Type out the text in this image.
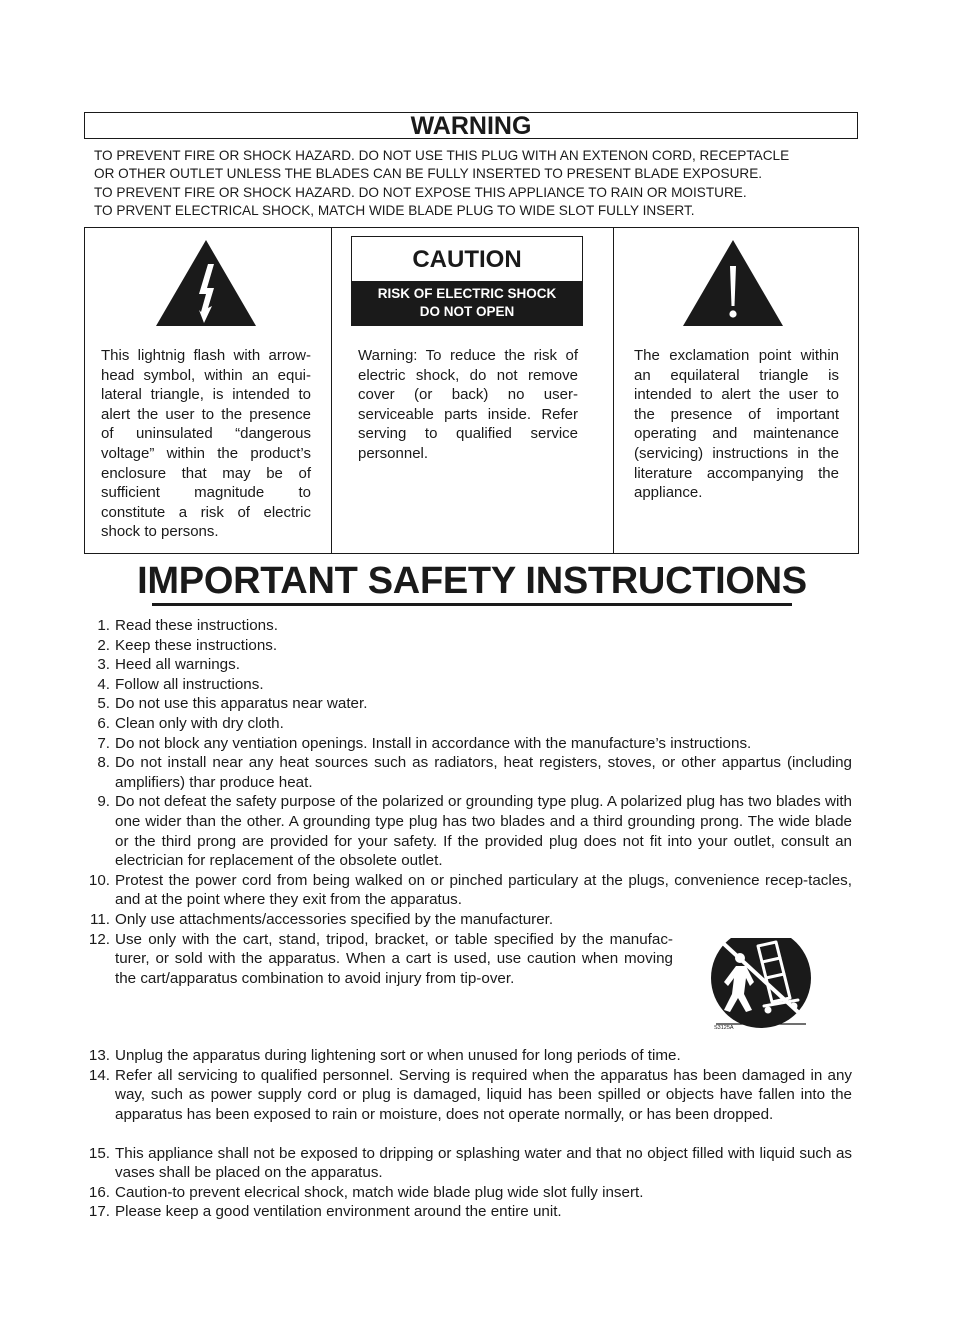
WARNING
TO PREVENT FIRE OR SHOCK HAZARD. DO NOT USE THIS PLUG WITH AN EXTENON CORD, RECEPTACLE
OR OTHER OUTLET UNLESS THE BLADES CAN BE FULLY INSERTED TO PRESENT BLADE EXPOSURE.
TO PREVENT FIRE OR SHOCK HAZARD. DO NOT EXPOSE THIS APPLIANCE TO RAIN OR MOISTURE.
TO PRVENT ELECTRICAL SHOCK, MATCH WIDE BLADE PLUG TO WIDE SLOT FULLY INSERT.
This lightnig flash with arrow-head symbol, within an equi-lateral triangle, is intended to alert the user to the presence of uninsulated “dangerous voltage” within the product’s enclosure that may be of sufficient magnitude to constitute a risk of electric shock to persons.
CAUTION
RISK OF ELECTRIC SHOCK
DO NOT OPEN
Warning: To reduce the risk of electric shock, do not remove cover (or back) no user-serviceable parts inside. Refer serving to qualified service personnel.
The exclamation point within an equilateral triangle is intended to alert the user to the presence of important operating and maintenance (servicing) instructions in the literature accompanying the appliance.
IMPORTANT SAFETY INSTRUCTIONS
1. Read these instructions.
2. Keep these instructions.
3. Heed all warnings.
4. Follow all instructions.
5. Do not use this apparatus near water.
6. Clean only with dry cloth.
7. Do not block any ventiation openings. Install in accordance with the manufacture’s instructions.
8. Do not install near any heat sources such as radiators, heat registers, stoves, or other appartus (including amplifiers) thar produce heat.
9. Do not defeat the safety purpose of the polarized or grounding type plug. A polarized plug has two blades with one wider than the other. A grounding type plug has two blades and a third grounding prong. The wide blade or the third prong are provided for your safety. If the provided plug does not fit into your outlet, consult an electrician for replacement of the obsolete outlet.
10. Protest the power cord from being walked on or pinched particulary at the plugs, convenience recep-tacles, and at the point where they exit from the apparatus.
11. Only use attachments/accessories specified by the manufacturer.
12. Use only with the cart, stand, tripod, bracket, or table specified by the manufac-turer, or sold with the apparatus. When a cart is used, use caution when moving the cart/apparatus combination to avoid injury from tip-over.
13. Unplug the apparatus during lightening sort or when unused for long periods of time.
14. Refer all servicing to qualified personnel. Serving is required when the apparatus has been damaged in any way, such as power supply cord or plug is damaged, liquid has been spilled or objects have fallen into the apparatus has been exposed to rain or moisture, does not operate normally, or has been dropped.
15. This appliance shall not be exposed to dripping or splashing water and that no object filled with liquid such as vases shall be placed on the apparatus.
16. Caution-to prevent elecrical shock, match wide blade plug wide slot fully insert.
17. Please keep a good ventilation environment around the entire unit.
S3125A
